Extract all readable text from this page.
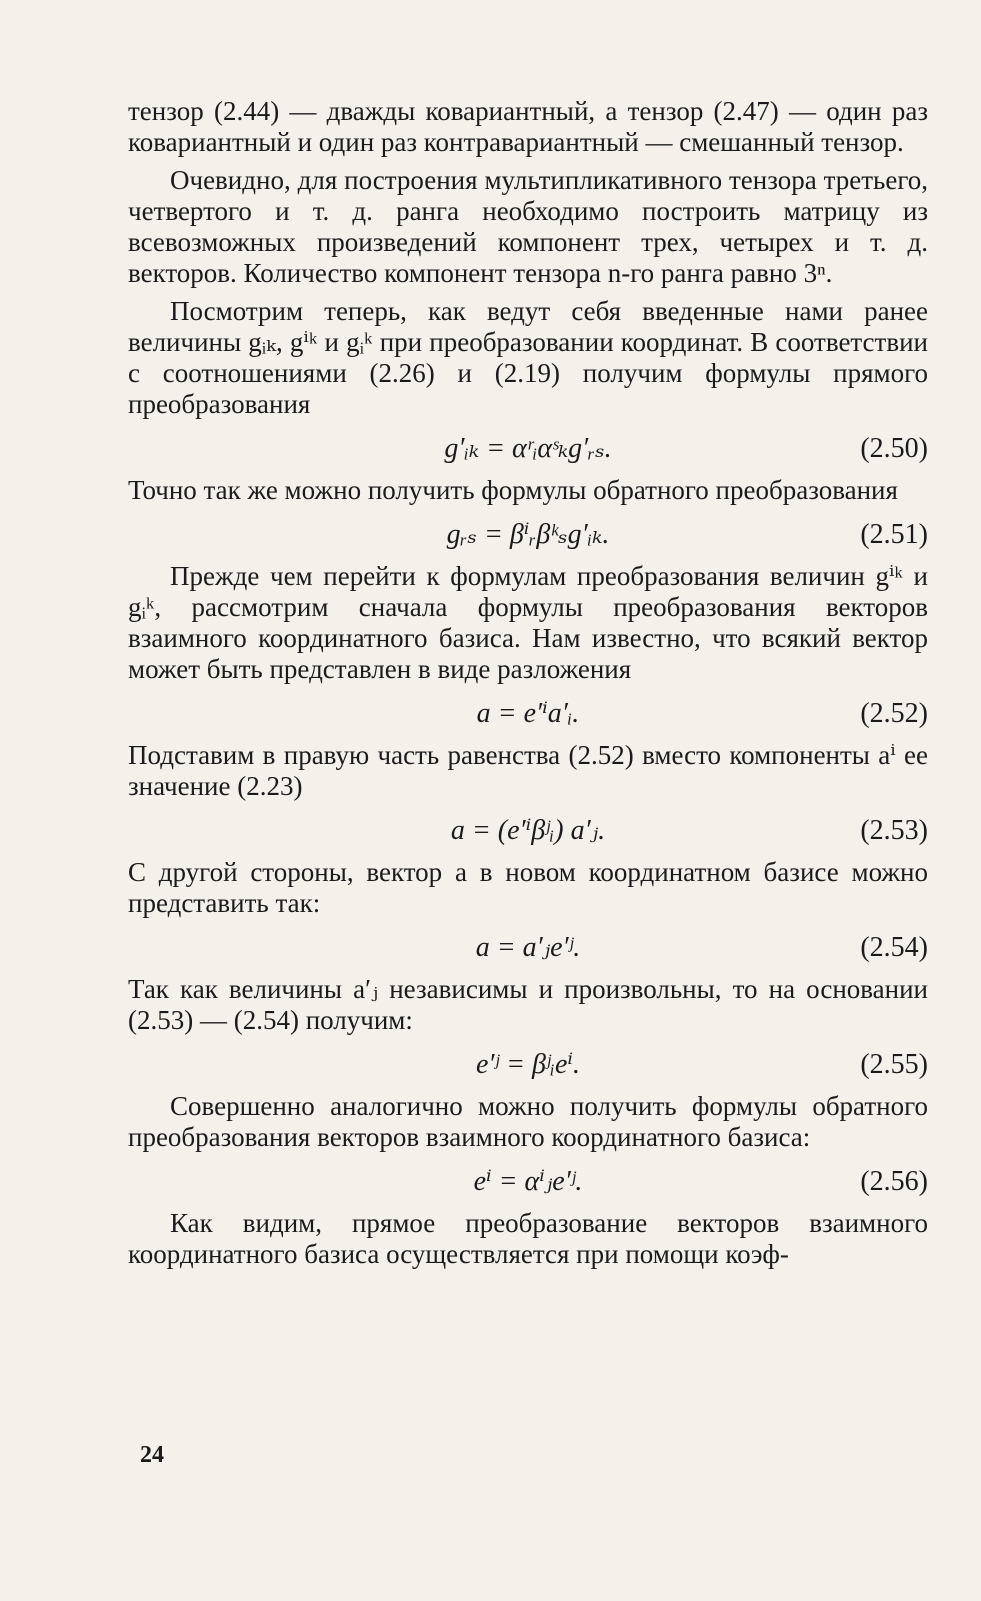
тензор (2.44) — дважды ковариантный, а тензор (2.47) — один раз ковариантный и один раз контравариантный — смешанный тензор.

Очевидно, для построения мультипликативного тензора третьего, четвертого и т. д. ранга необходимо построить матрицу из всевозможных произведений компонент трех, четырех и т. д. векторов. Количество компонент тензора n-го ранга равно 3ⁿ.

Посмотрим теперь, как ведут себя введенные нами ранее величины gᵢₖ, gⁱᵏ и gᵢᵏ при преобразовании координат. В соответствии с соотношениями (2.26) и (2.19) получим формулы прямого преобразования

g′ᵢₖ = αʳᵢαˢₖg′ᵣₛ.	(2.50)

Точно так же можно получить формулы обратного преобразования

gᵣₛ = βⁱᵣβᵏₛg′ᵢₖ.	(2.51)

Прежде чем перейти к формулам преобразования величин gⁱᵏ и gᵢᵏ, рассмотрим сначала формулы преобразования векторов взаимного координатного базиса. Нам известно, что всякий вектор может быть представлен в виде разложения

a = e′ⁱa′ᵢ.	(2.52)

Подставим в правую часть равенства (2.52) вместо компоненты aⁱ ее значение (2.23)

a = (e′ⁱβʲᵢ) a′ⱼ.	(2.53)

С другой стороны, вектор a в новом координатном базисе можно представить так:

a = a′ⱼe′ʲ.	(2.54)

Так как величины a′ⱼ независимы и произвольны, то на основании (2.53) — (2.54) получим:

e′ʲ = βʲᵢeⁱ.	(2.55)

Совершенно аналогично можно получить формулы обратного преобразования векторов взаимного координатного базиса:

eⁱ = αⁱⱼe′ʲ.	(2.56)

Как видим, прямое преобразование векторов взаимного координатного базиса осуществляется при помощи коэф-

24
